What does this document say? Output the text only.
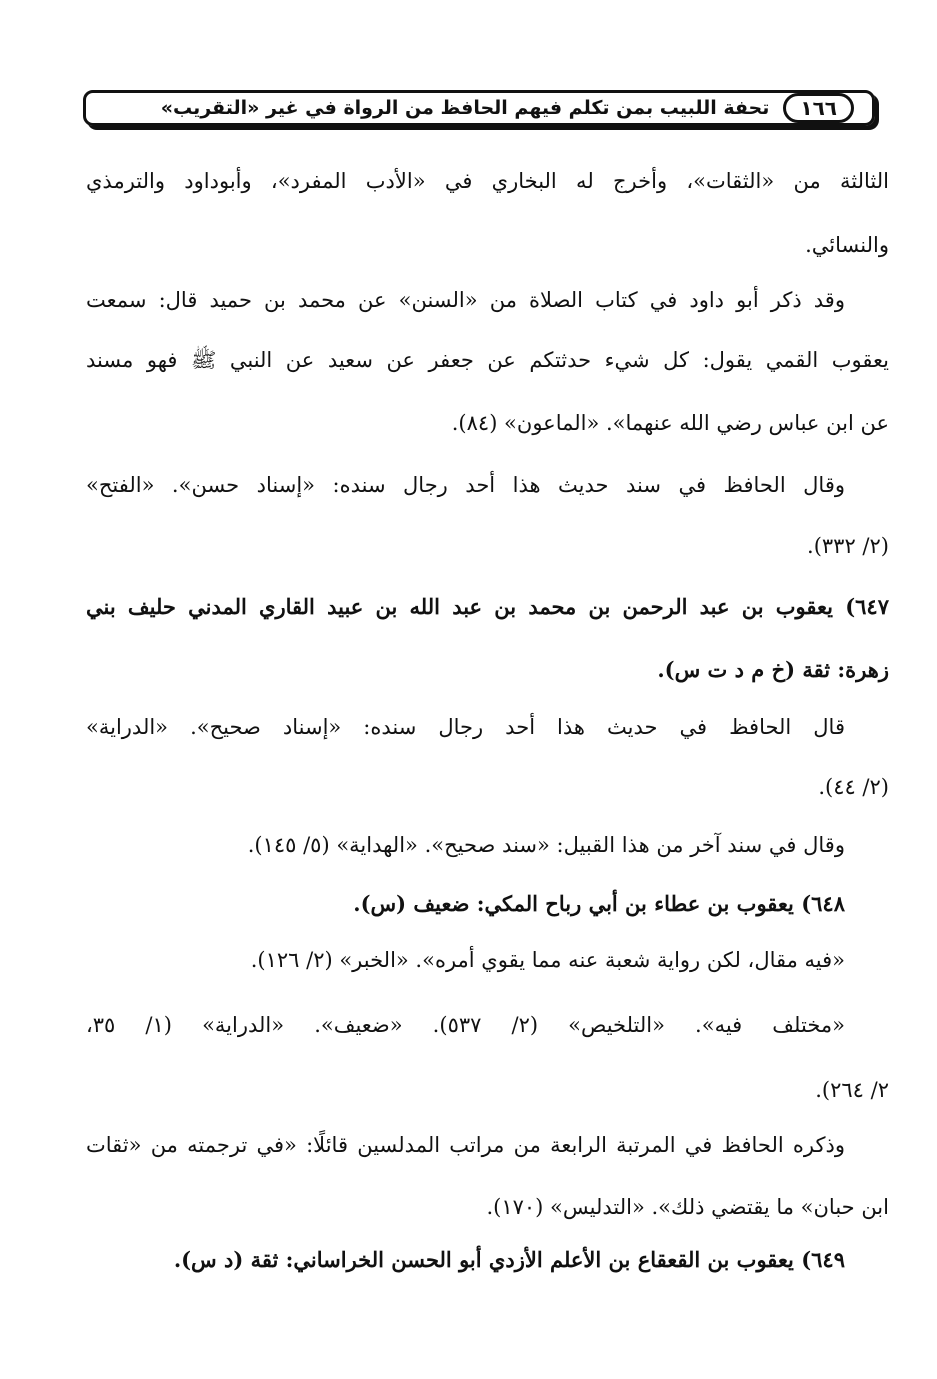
١٦٦
تحفة اللبيب بمن تكلم فيهم الحافظ من الرواة في غير «التقريب»
الثالثة من «الثقات»، وأخرج له البخاري في «الأدب المفرد»، وأبوداود والترمذي
والنسائي.
وقد ذكر أبو داود في كتاب الصلاة من «السنن» عن محمد بن حميد قال: سمعت
يعقوب القمي يقول: كل شيء حدثتكم عن جعفر عن سعيد عن النبي ﷺ فهو مسند
عن ابن عباس رضي الله عنهما». «الماعون» (٨٤).
وقال الحافظ في سند حديث هذا أحد رجال سنده: «إسناد حسن». «الفتح»
(٢/ ٣٣٢).
٦٤٧) يعقوب بن عبد الرحمن بن محمد بن عبد الله بن عبيد القاري المدني حليف بني
زهرة: ثقة (خ م د ت س).
قال الحافظ في حديث هذا أحد رجال سنده: «إسناد صحيح». «الدراية»
(٢/ ٤٤).
وقال في سند آخر من هذا القبيل: «سند صحيح». «الهداية» (٥/ ١٤٥).
٦٤٨) يعقوب بن عطاء بن أبي رباح المكي: ضعيف (س).
«فيه مقال، لكن رواية شعبة عنه مما يقوي أمره». «الخبر» (٢/ ١٢٦).
«مختلف فيه». «التلخيص» (٢/ ٥٣٧). «ضعيف». «الدراية» (١/ ٣٥،
٢/ ٢٦٤).
وذكره الحافظ في المرتبة الرابعة من مراتب المدلسين قائلًا: «في ترجمته من «ثقات
ابن حبان» ما يقتضي ذلك». «التدليس» (١٧٠).
٦٤٩) يعقوب بن القعقاع بن الأعلم الأزدي أبو الحسن الخراساني: ثقة (د س).
